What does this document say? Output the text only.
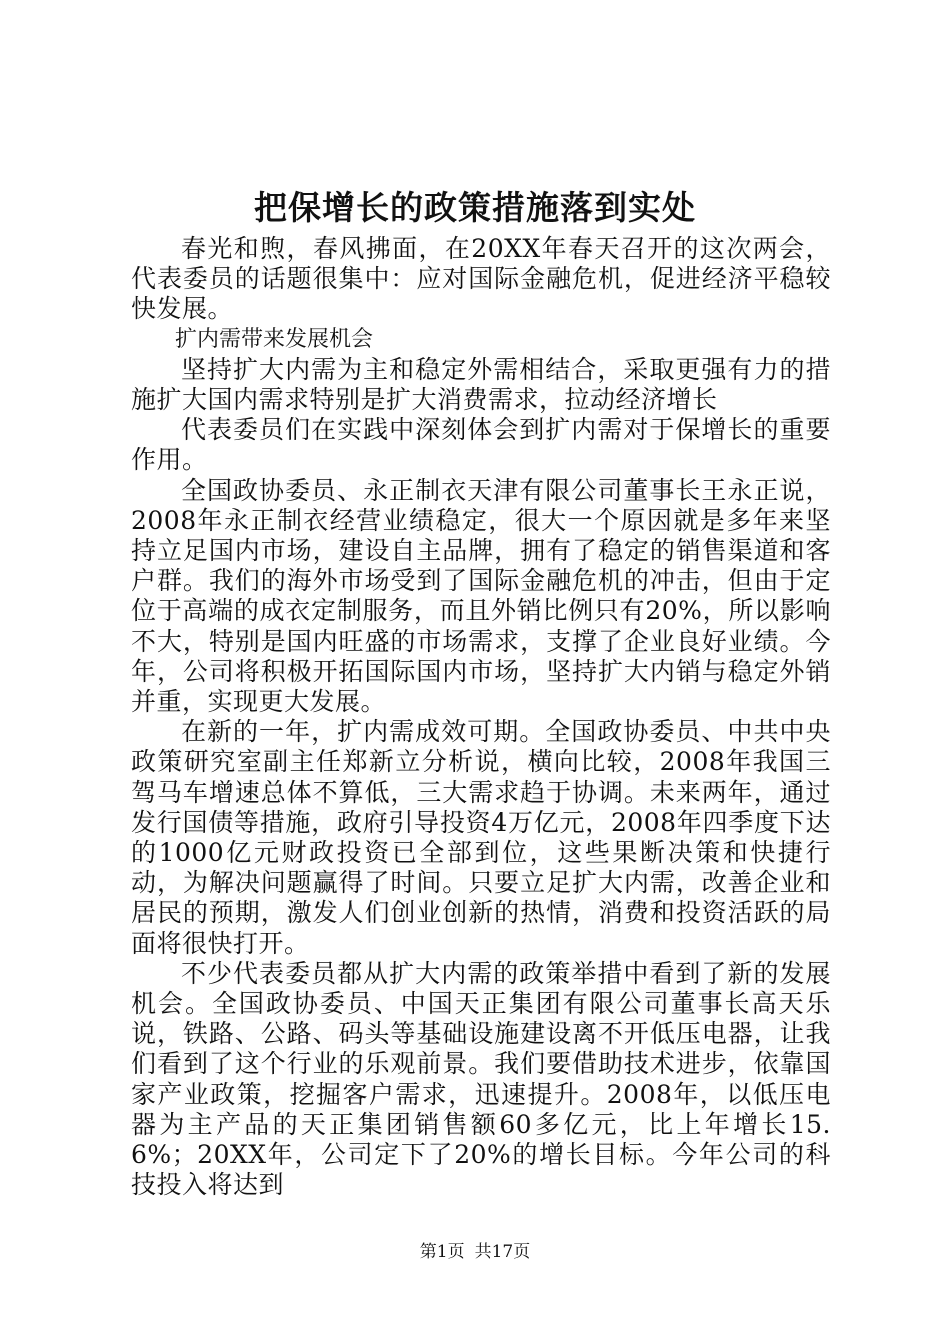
把保增长的政策措施落到实处

春光和煦，春风拂面，在20XX年春天召开的这次两会，代表委员的话题很集中：应对国际金融危机，促进经济平稳较快发展。

扩内需带来发展机会

坚持扩大内需为主和稳定外需相结合，采取更强有力的措施扩大国内需求特别是扩大消费需求，拉动经济增长

代表委员们在实践中深刻体会到扩内需对于保增长的重要作用。

全国政协委员、永正制衣天津有限公司董事长王永正说，2008年永正制衣经营业绩稳定，很大一个原因就是多年来坚持立足国内市场，建设自主品牌，拥有了稳定的销售渠道和客户群。我们的海外市场受到了国际金融危机的冲击，但由于定位于高端的成衣定制服务，而且外销比例只有20%，所以影响不大，特别是国内旺盛的市场需求，支撑了企业良好业绩。今年，公司将积极开拓国际国内市场，坚持扩大内销与稳定外销并重，实现更大发展。

在新的一年，扩内需成效可期。全国政协委员、中共中央政策研究室副主任郑新立分析说，横向比较，2008年我国三驾马车增速总体不算低，三大需求趋于协调。未来两年，通过发行国债等措施，政府引导投资4万亿元，2008年四季度下达的1000亿元财政投资已全部到位，这些果断决策和快捷行动，为解决问题赢得了时间。只要立足扩大内需，改善企业和居民的预期，激发人们创业创新的热情，消费和投资活跃的局面将很快打开。

不少代表委员都从扩大内需的政策举措中看到了新的发展机会。全国政协委员、中国天正集团有限公司董事长高天乐说，铁路、公路、码头等基础设施建设离不开低压电器，让我们看到了这个行业的乐观前景。我们要借助技术进步，依靠国家产业政策，挖掘客户需求，迅速提升。2008年，以低压电器为主产品的天正集团销售额60多亿元，比上年增长15.6%；20XX年，公司定下了20%的增长目标。今年公司的科技投入将达到

第1页 共17页
